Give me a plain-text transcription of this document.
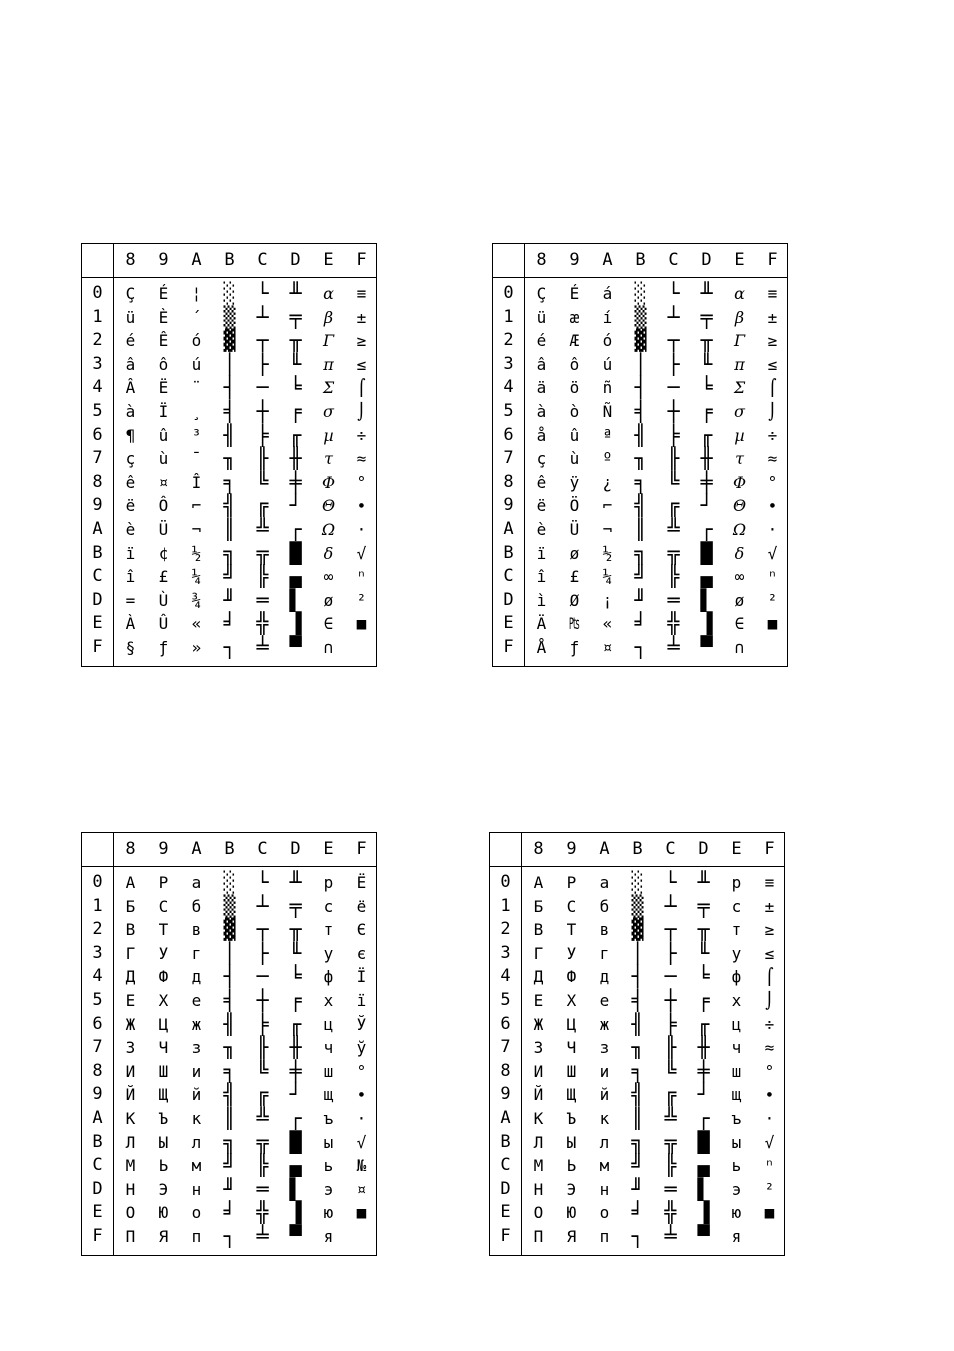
8	9	A	B	C	D	E	F
0	Ç	É	¦	░	└	╨	α	≡
1	ü	È	´	▒	┴	╤	β	±
2	é	Ê	ó	▓	┬	╥	Γ	≥
3	â	ô	ú	│	├	╙	π	≤
4	Â	Ë	¨	┤	─	╘	Σ	⌠
5	à	Ï	¸	╡	┼	╒	σ	⌡
6	¶	û	³	╢	╞	╓	µ	÷
7	ç	ù	¯	╖	╟	╫	τ	≈
8	ê	¤	Î	╕	╚	╪	Φ	°
9	ë	Ô	⌐	╣	╔	┘	Θ	∙
A	è	Ü	¬	║	╩	┌	Ω	·
B	ï	¢	½	╗	╦	█	δ	√
C	î	£	¼	╝	╠	▄	∞	ⁿ
D	=	Ù	¾	╜	═	▌	ø	²
E	À	Û	«	╛	╬	▐	∈	■
F	§	ƒ	»	┐	╧	▀	∩
8	9	A	B	C	D	E	F
0	Ç	É	á	░	└	╨	α	≡
1	ü	æ	í	▒	┴	╤	β	±
2	é	Æ	ó	▓	┬	╥	Γ	≥
3	â	ô	ú	│	├	╙	π	≤
4	ä	ö	ñ	┤	─	╘	Σ	⌠
5	à	ò	Ñ	╡	┼	╒	σ	⌡
6	å	û	ª	╢	╞	╓	µ	÷
7	ç	ù	º	╖	╟	╫	τ	≈
8	ê	ÿ	¿	╕	╚	╪	Φ	°
9	ë	Ö	⌐	╣	╔	┘	Θ	∙
A	è	Ü	¬	║	╩	┌	Ω	·
B	ï	ø	½	╗	╦	█	δ	√
C	î	£	¼	╝	╠	▄	∞	ⁿ
D	ì	Ø	¡	╜	═	▌	ø	²
E	Ä	₧	«	╛	╬	▐	∈	■
F	Å	ƒ	¤	┐	╧	▀	∩
8	9	A	B	C	D	E	F
0	А	Р	а	░	└	╨	р	Ё
1	Б	С	б	▒	┴	╤	с	ё
2	В	Т	в	▓	┬	╥	т	Є
3	Г	У	г	│	├	╙	у	є
4	Д	Ф	д	┤	─	╘	ф	Ї
5	Е	Х	е	╡	┼	╒	х	ї
6	Ж	Ц	ж	╢	╞	╓	ц	Ў
7	З	Ч	з	╖	╟	╫	ч	ў
8	И	Ш	и	╕	╚	╪	ш	°
9	Й	Щ	й	╣	╔	┘	щ	∙
A	К	Ъ	к	║	╩	┌	ъ	·
B	Л	Ы	л	╗	╦	█	ы	√
C	М	Ь	м	╝	╠	▄	ь	№
D	Н	Э	н	╜	═	▌	э	¤
E	О	Ю	о	╛	╬	▐	ю	■
F	П	Я	п	┐	╧	▀	я
8	9	A	B	C	D	E	F
0	А	Р	а	░	└	╨	р	≡
1	Б	С	б	▒	┴	╤	с	±
2	В	Т	в	▓	┬	╥	т	≥
3	Г	У	г	│	├	╙	у	≤
4	Д	Ф	д	┤	─	╘	ф	⌠
5	Е	Х	е	╡	┼	╒	х	⌡
6	Ж	Ц	ж	╢	╞	╓	ц	÷
7	З	Ч	з	╖	╟	╫	ч	≈
8	И	Ш	и	╕	╚	╪	ш	°
9	Й	Щ	й	╣	╔	┘	щ	∙
A	К	Ъ	к	║	╩	┌	ъ	·
B	Л	Ы	л	╗	╦	█	ы	√
C	М	Ь	м	╝	╠	▄	ь	ⁿ
D	Н	Э	н	╜	═	▌	э	²
E	О	Ю	о	╛	╬	▐	ю	■
F	П	Я	п	┐	╧	▀	я
